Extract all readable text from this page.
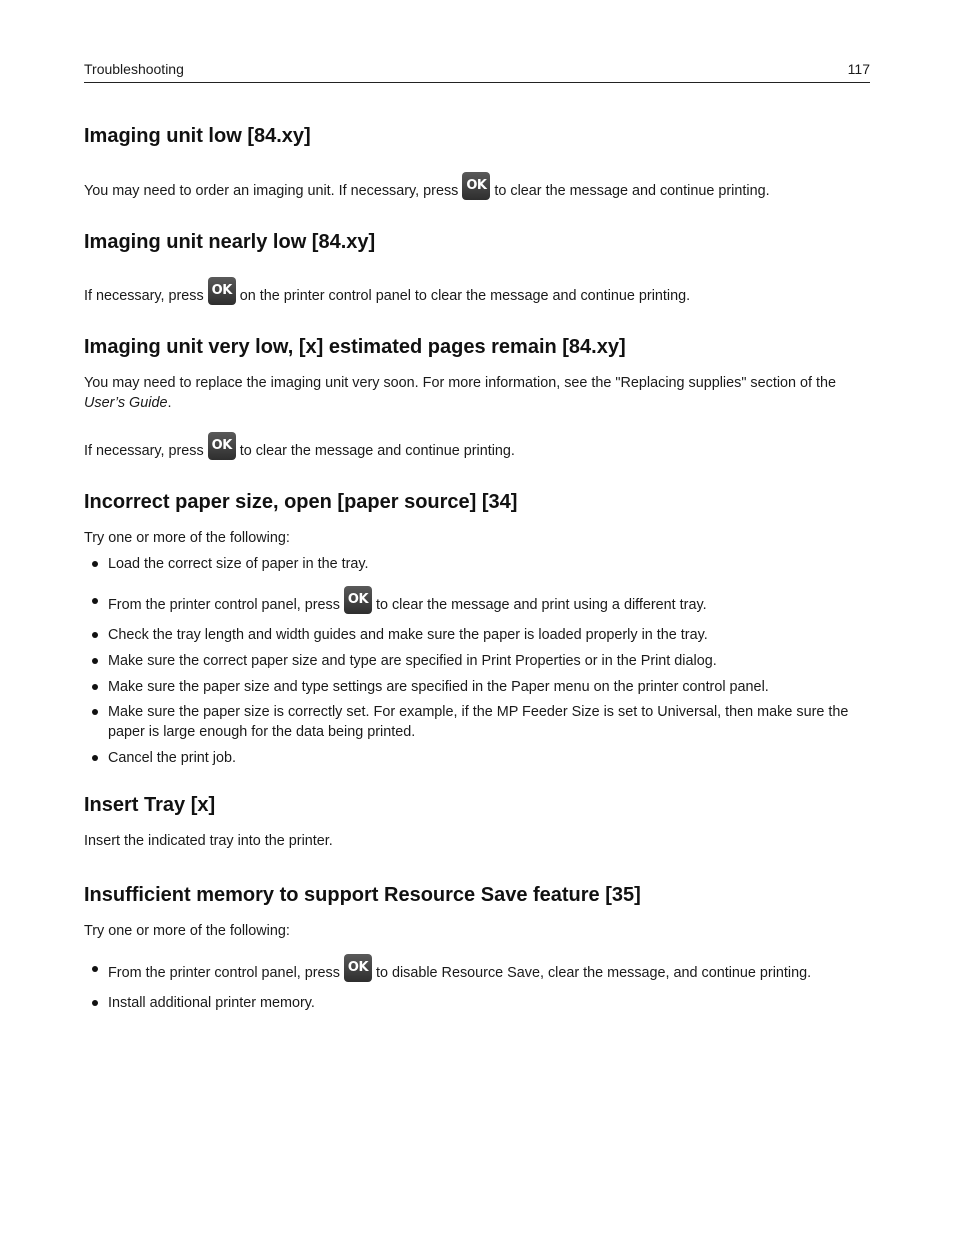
Troubleshooting	117
Imaging unit low [84.xy]

You may need to order an imaging unit. If necessary, press OK to clear the message and continue printing.

Imaging unit nearly low [84.xy]

If necessary, press OK on the printer control panel to clear the message and continue printing.

Imaging unit very low, [x] estimated pages remain [84.xy]

You may need to replace the imaging unit very soon. For more information, see the "Replacing supplies" section of the User’s Guide.

If necessary, press OK to clear the message and continue printing.

Incorrect paper size, open [paper source] [34]

Try one or more of the following:

Load the correct size of paper in the tray.
From the printer control panel, press OK to clear the message and print using a different tray.
Check the tray length and width guides and make sure the paper is loaded properly in the tray.
Make sure the correct paper size and type are specified in Print Properties or in the Print dialog.
Make sure the paper size and type settings are specified in the Paper menu on the printer control panel.
Make sure the paper size is correctly set. For example, if the MP Feeder Size is set to Universal, then make sure the paper is large enough for the data being printed.
Cancel the print job.
Insert Tray [x]

Insert the indicated tray into the printer.

Insufficient memory to support Resource Save feature [35]

Try one or more of the following:

From the printer control panel, press OK to disable Resource Save, clear the message, and continue printing.
Install additional printer memory.
